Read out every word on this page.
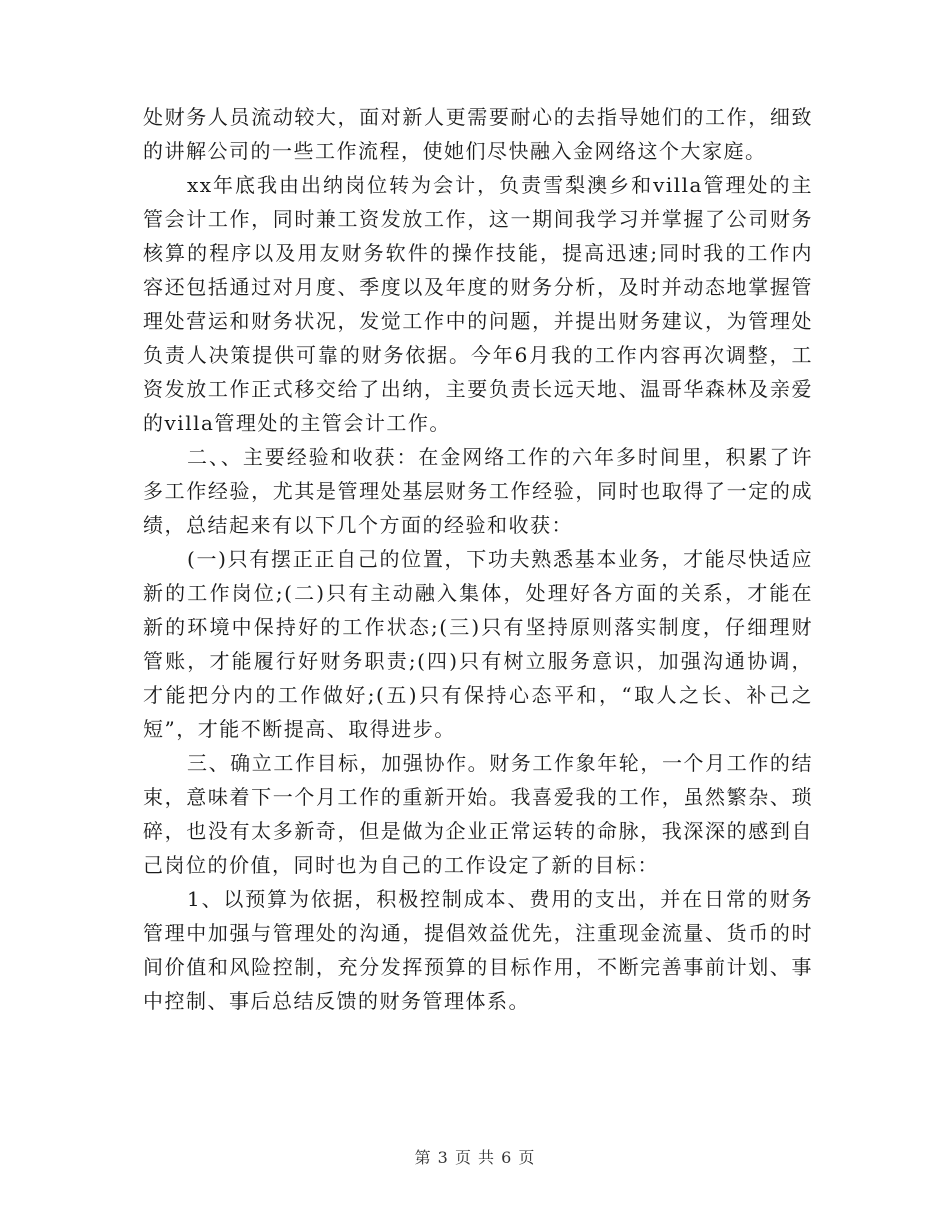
处财务人员流动较大，面对新人更需要耐心的去指导她们的工作，细致的讲解公司的一些工作流程，使她们尽快融入金网络这个大家庭。

xx年底我由出纳岗位转为会计，负责雪梨澳乡和villa管理处的主管会计工作，同时兼工资发放工作，这一期间我学习并掌握了公司财务核算的程序以及用友财务软件的操作技能，提高迅速;同时我的工作内容还包括通过对月度、季度以及年度的财务分析，及时并动态地掌握管理处营运和财务状况，发觉工作中的问题，并提出财务建议，为管理处负责人决策提供可靠的财务依据。今年6月我的工作内容再次调整，工资发放工作正式移交给了出纳，主要负责长远天地、温哥华森林及亲爱的villa管理处的主管会计工作。

二、、主要经验和收获：在金网络工作的六年多时间里，积累了许多工作经验，尤其是管理处基层财务工作经验，同时也取得了一定的成绩，总结起来有以下几个方面的经验和收获：

(一)只有摆正正自己的位置，下功夫熟悉基本业务，才能尽快适应新的工作岗位;(二)只有主动融入集体，处理好各方面的关系，才能在新的环境中保持好的工作状态;(三)只有坚持原则落实制度，仔细理财管账，才能履行好财务职责;(四)只有树立服务意识，加强沟通协调，才能把分内的工作做好;(五)只有保持心态平和，“取人之长、补己之短”，才能不断提高、取得进步。

三、确立工作目标，加强协作。财务工作象年轮，一个月工作的结束，意味着下一个月工作的重新开始。我喜爱我的工作，虽然繁杂、琐碎，也没有太多新奇，但是做为企业正常运转的命脉，我深深的感到自己岗位的价值，同时也为自己的工作设定了新的目标：

1、以预算为依据，积极控制成本、费用的支出，并在日常的财务管理中加强与管理处的沟通，提倡效益优先，注重现金流量、货币的时间价值和风险控制，充分发挥预算的目标作用，不断完善事前计划、事中控制、事后总结反馈的财务管理体系。

第 3 页 共 6 页
